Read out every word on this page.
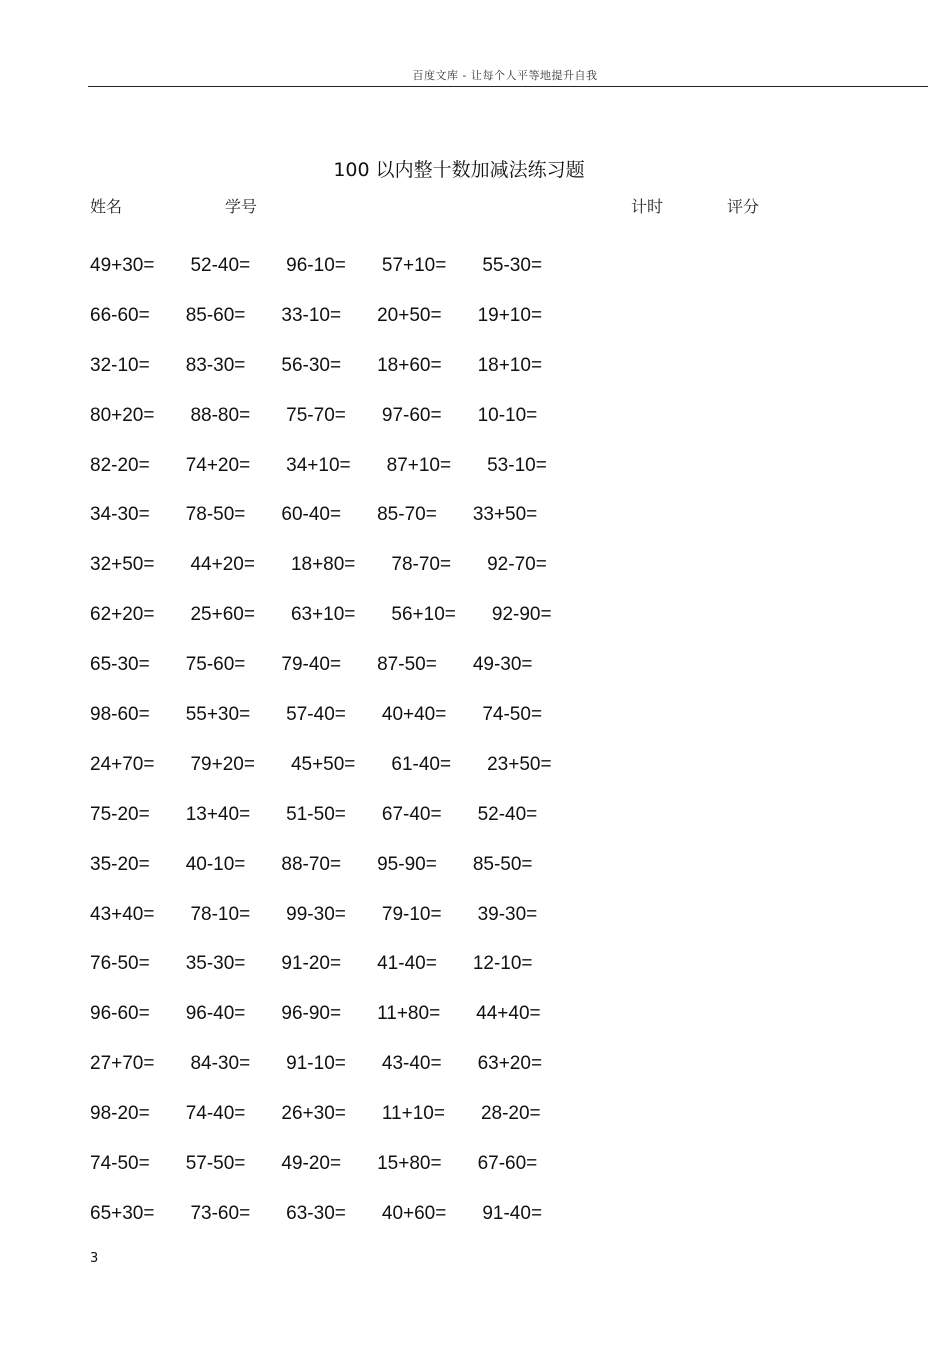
百度文库 - 让每个人平等地提升自我
100 以内整十数加减法练习题
姓名	学号	计时	评分
49+30= 52-40= 96-10= 57+10= 55-30=
66-60= 85-60= 33-10= 20+50= 19+10=
32-10= 83-30= 56-30= 18+60= 18+10=
80+20= 88-80= 75-70= 97-60= 10-10=
82-20= 74+20= 34+10= 87+10= 53-10=
34-30= 78-50= 60-40= 85-70= 33+50=
32+50= 44+20= 18+80= 78-70= 92-70=
62+20= 25+60= 63+10= 56+10= 92-90=
65-30= 75-60= 79-40= 87-50= 49-30=
98-60= 55+30= 57-40= 40+40= 74-50=
24+70= 79+20= 45+50= 61-40= 23+50=
75-20= 13+40= 51-50= 67-40= 52-40=
35-20= 40-10= 88-70= 95-90= 85-50=
43+40= 78-10= 99-30= 79-10= 39-30=
76-50= 35-30= 91-20= 41-40= 12-10=
96-60= 96-40= 96-90= 11+80= 44+40=
27+70= 84-30= 91-10= 43-40= 63+20=
98-20= 74-40= 26+30= 11+10= 28-20=
74-50= 57-50= 49-20= 15+80= 67-60=
65+30= 73-60= 63-30= 40+60= 91-40=
3
